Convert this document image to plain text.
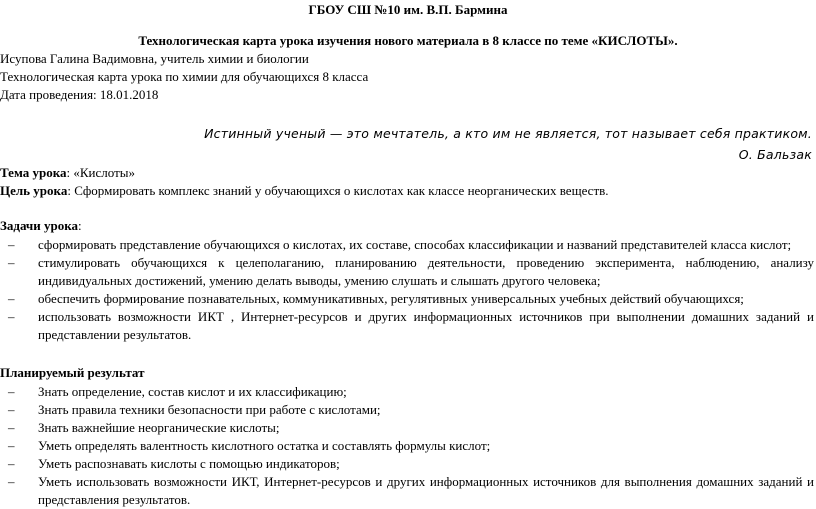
ГБОУ СШ №10 им. В.П. Бармина
Технологическая карта урока изучения нового материала в 8 классе по теме «КИСЛОТЫ».
Исупова Галина Вадимовна, учитель химии и биологии
Технологическая карта урока по химии для обучающихся 8 класса
Дата проведения: 18.01.2018
Истинный ученый — это мечтатель, а кто им не является, тот называет себя практиком.
О. Бальзак
Тема урока: «Кислоты»
Цель урока: Сформировать комплекс знаний у обучающихся о кислотах как классе неорганических веществ.
Задачи урока:
– сформировать представление обучающихся о кислотах, их составе, способах классификации и названий представителей класса кислот;
– стимулировать обучающихся к целеполаганию, планированию деятельности, проведению эксперимента, наблюдению, анализу индивидуальных достижений, умению делать выводы, умению слушать и слышать другого человека;
– обеспечить формирование познавательных, коммуникативных, регулятивных универсальных учебных действий обучающихся;
– использовать возможности ИКТ , Интернет-ресурсов и других информационных источников при выполнении домашних заданий и представлении результатов.
Планируемый результат
– Знать определение, состав кислот и их классификацию;
– Знать правила техники безопасности при работе с кислотами;
– Знать важнейшие неорганические кислоты;
– Уметь определять валентность кислотного остатка и составлять формулы кислот;
– Уметь распознавать кислоты с помощью индикаторов;
– Уметь использовать возможности ИКТ, Интернет-ресурсов и других информационных источников для выполнения домашних заданий и представления результатов.
